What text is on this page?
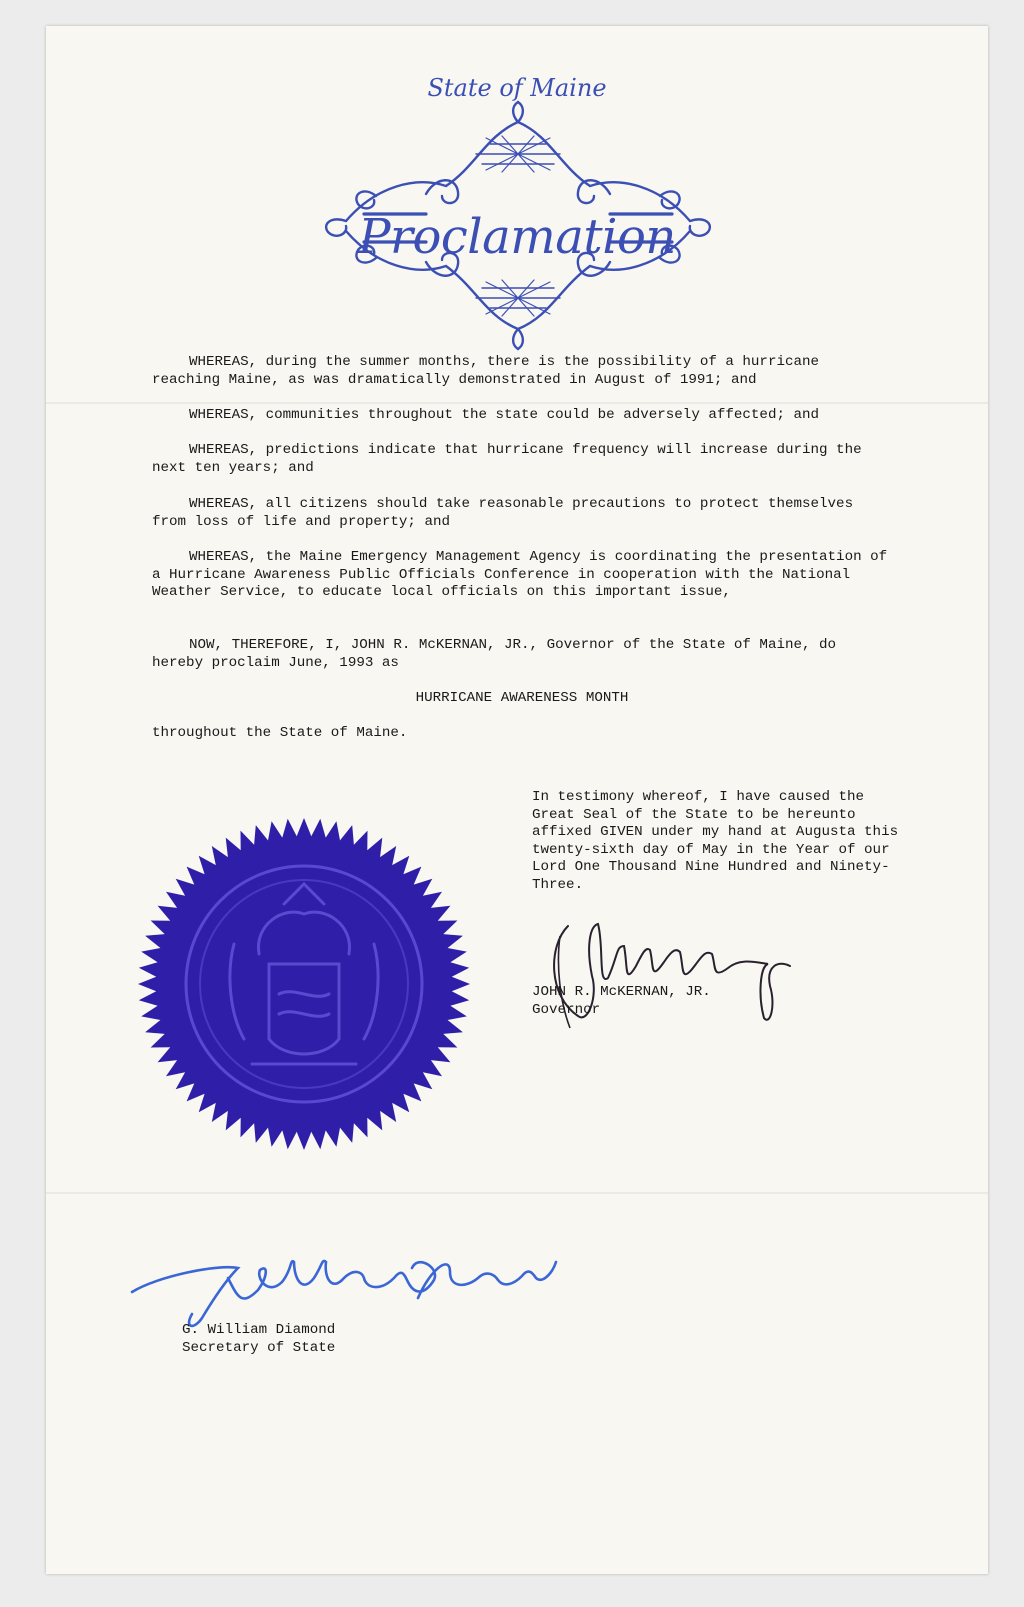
State of Maine
Proclamation
WHEREAS, during the summer months, there is the possibility of a hurricane reaching Maine, as was dramatically demonstrated in August of 1991; and
WHEREAS, communities throughout the state could be adversely affected; and
WHEREAS, predictions indicate that hurricane frequency will increase during the next ten years; and
WHEREAS, all citizens should take reasonable precautions to protect themselves from loss of life and property; and
WHEREAS, the Maine Emergency Management Agency is coordinating the presentation of a Hurricane Awareness Public Officials Conference in cooperation with the National Weather Service, to educate local officials on this important issue,
NOW, THEREFORE, I, JOHN R. McKERNAN, JR., Governor of the State of Maine, do hereby proclaim June, 1993 as
HURRICANE AWARENESS MONTH
throughout the State of Maine.
In testimony whereof, I have caused the Great Seal of the State to be hereunto affixed GIVEN under my hand at Augusta this twenty-sixth day of May in the Year of our Lord One Thousand Nine Hundred and Ninety-Three.
JOHN R. McKERNAN, JR.
Governor
G. William Diamond
Secretary of State
